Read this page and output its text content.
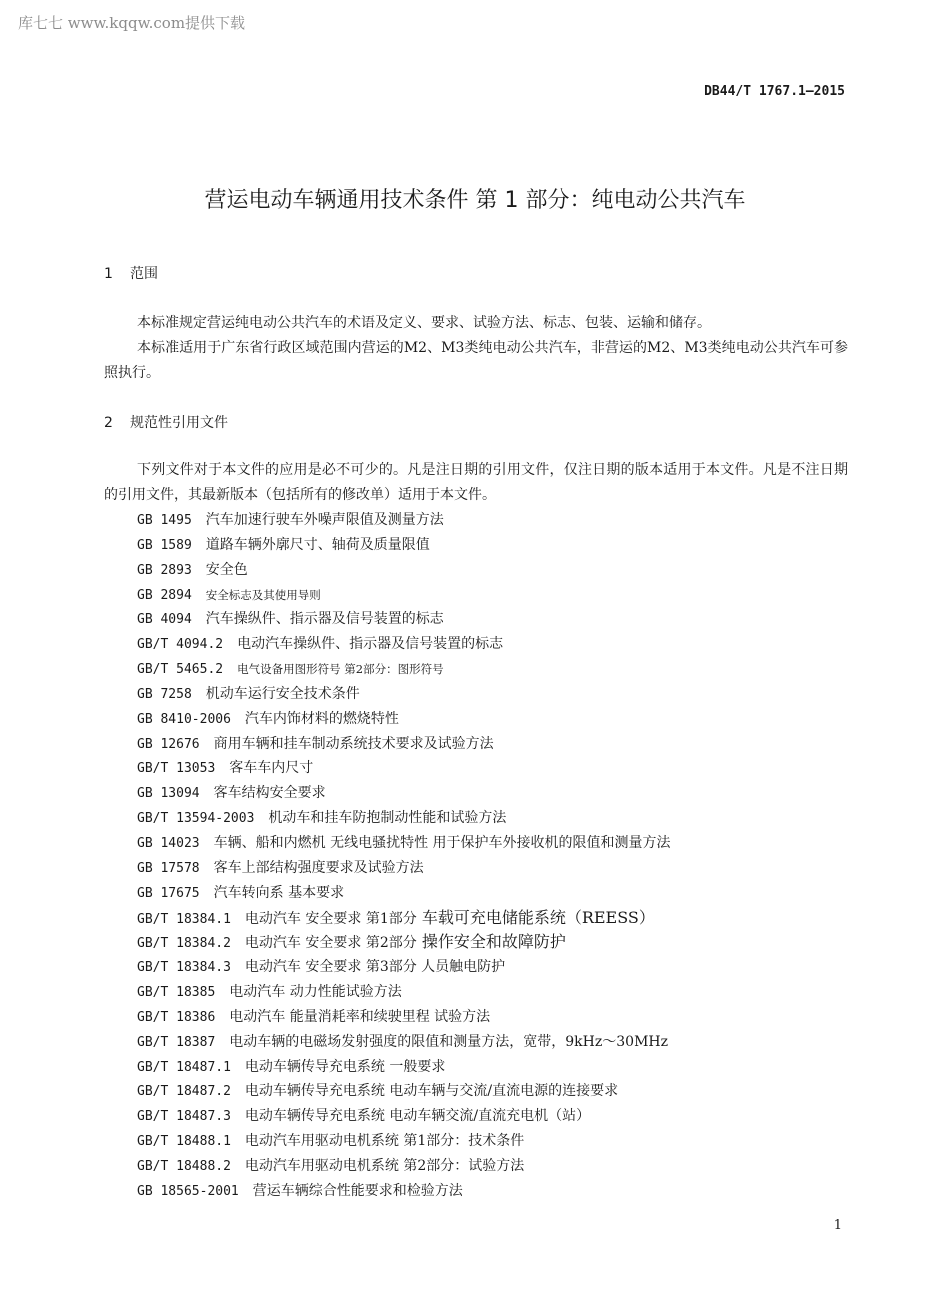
库七七 www.kqqw.com提供下载
DB44/T 1767.1—2015
营运电动车辆通用技术条件 第 1 部分：纯电动公共汽车
1 范围
本标准规定营运纯电动公共汽车的术语及定义、要求、试验方法、标志、包装、运输和储存。
本标准适用于广东省行政区域范围内营运的M2、M3类纯电动公共汽车，非营运的M2、M3类纯电动公共汽车可参照执行。
2 规范性引用文件
下列文件对于本文件的应用是必不可少的。凡是注日期的引用文件，仅注日期的版本适用于本文件。凡是不注日期的引用文件，其最新版本（包括所有的修改单）适用于本文件。
GB 1495 汽车加速行驶车外噪声限值及测量方法
GB 1589 道路车辆外廓尺寸、轴荷及质量限值
GB 2893 安全色
GB 2894 安全标志及其使用导则
GB 4094 汽车操纵件、指示器及信号装置的标志
GB/T 4094.2 电动汽车操纵件、指示器及信号装置的标志
GB/T 5465.2 电气设备用图形符号 第2部分：图形符号
GB 7258 机动车运行安全技术条件
GB 8410-2006 汽车内饰材料的燃烧特性
GB 12676 商用车辆和挂车制动系统技术要求及试验方法
GB/T 13053 客车车内尺寸
GB 13094 客车结构安全要求
GB/T 13594-2003 机动车和挂车防抱制动性能和试验方法
GB 14023 车辆、船和内燃机 无线电骚扰特性 用于保护车外接收机的限值和测量方法
GB 17578 客车上部结构强度要求及试验方法
GB 17675 汽车转向系 基本要求
GB/T 18384.1 电动汽车 安全要求 第1部分 车载可充电储能系统（REESS）
GB/T 18384.2 电动汽车 安全要求 第2部分 操作安全和故障防护
GB/T 18384.3 电动汽车 安全要求 第3部分 人员触电防护
GB/T 18385 电动汽车 动力性能试验方法
GB/T 18386 电动汽车 能量消耗率和续驶里程 试验方法
GB/T 18387 电动车辆的电磁场发射强度的限值和测量方法，宽带，9kHz～30MHz
GB/T 18487.1 电动车辆传导充电系统 一般要求
GB/T 18487.2 电动车辆传导充电系统 电动车辆与交流/直流电源的连接要求
GB/T 18487.3 电动车辆传导充电系统 电动车辆交流/直流充电机（站）
GB/T 18488.1 电动汽车用驱动电机系统 第1部分：技术条件
GB/T 18488.2 电动汽车用驱动电机系统 第2部分：试验方法
GB 18565-2001 营运车辆综合性能要求和检验方法
1
